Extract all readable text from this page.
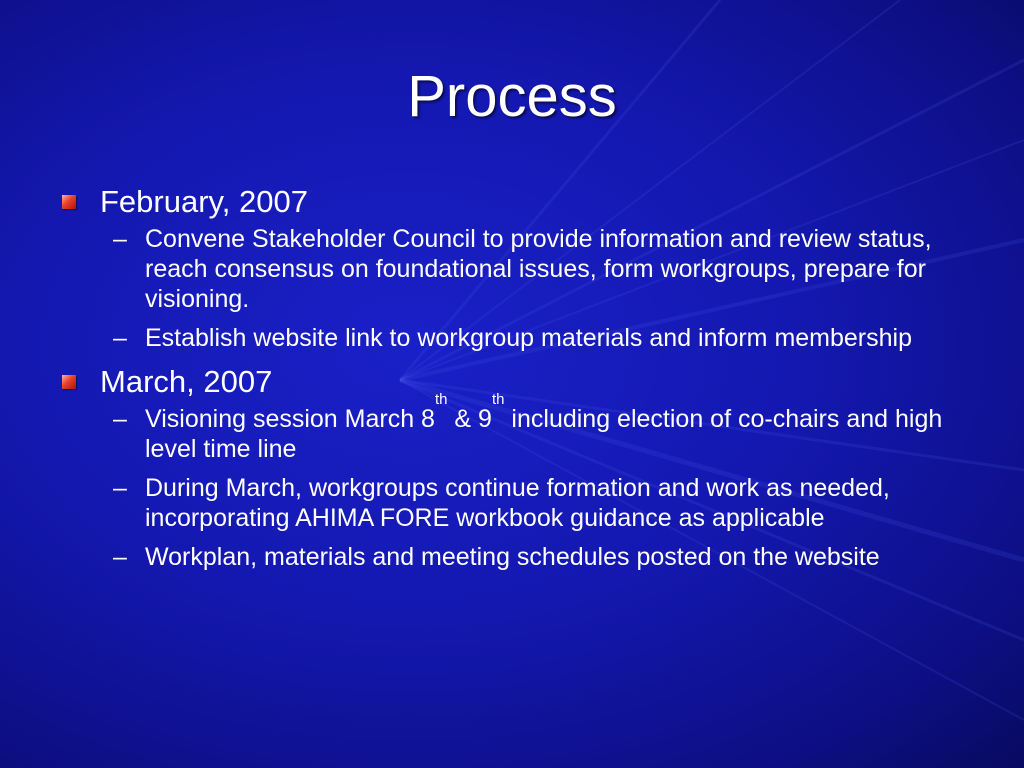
Process
February, 2007
– Convene Stakeholder Council to provide information and review status, reach consensus on foundational issues, form workgroups, prepare for visioning.
– Establish website link to workgroup materials and inform membership
March, 2007
– Visioning session March 8th & 9th including election of co-chairs and high level time line
– During March, workgroups continue formation and work as needed, incorporating AHIMA FORE workbook guidance as applicable
– Workplan, materials and meeting schedules posted on the website
